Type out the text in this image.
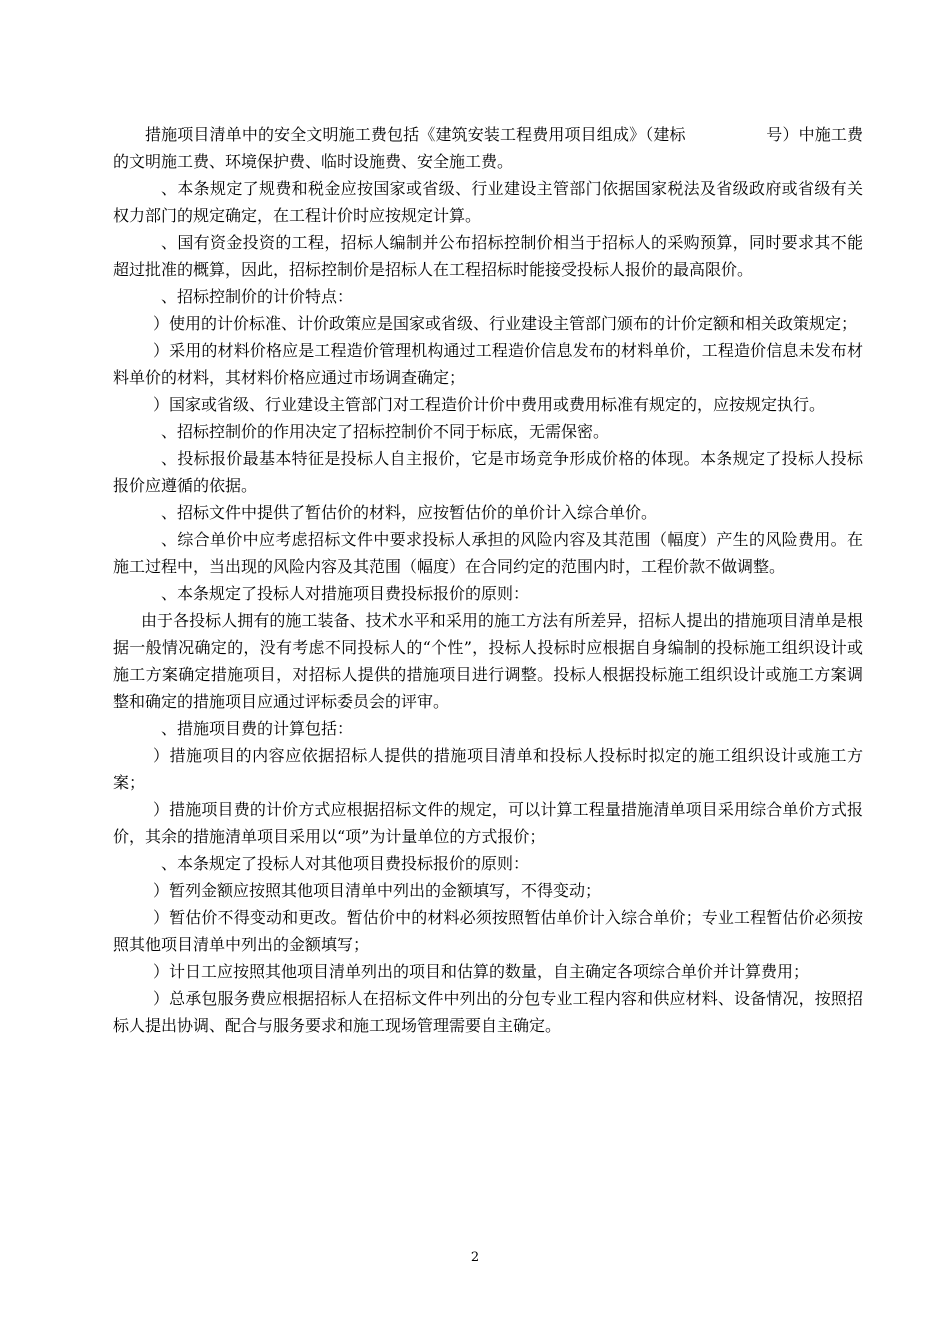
措施项目清单中的安全文明施工费包括《建筑安装工程费用项目组成》（建标　　　　　号）中施工费的文明施工费、环境保护费、临时设施费、安全施工费。

、本条规定了规费和税金应按国家或省级、行业建设主管部门依据国家税法及省级政府或省级有关权力部门的规定确定，在工程计价时应按规定计算。

、国有资金投资的工程，招标人编制并公布招标控制价相当于招标人的采购预算，同时要求其不能超过批准的概算，因此，招标控制价是招标人在工程招标时能接受投标人报价的最高限价。

、招标控制价的计价特点：

）使用的计价标准、计价政策应是国家或省级、行业建设主管部门颁布的计价定额和相关政策规定；

）采用的材料价格应是工程造价管理机构通过工程造价信息发布的材料单价，工程造价信息未发布材料单价的材料，其材料价格应通过市场调查确定；

）国家或省级、行业建设主管部门对工程造价计价中费用或费用标准有规定的，应按规定执行。

、招标控制价的作用决定了招标控制价不同于标底，无需保密。

、投标报价最基本特征是投标人自主报价，它是市场竞争形成价格的体现。本条规定了投标人投标报价应遵循的依据。

、招标文件中提供了暂估价的材料，应按暂估价的单价计入综合单价。

、综合单价中应考虑招标文件中要求投标人承担的风险内容及其范围（幅度）产生的风险费用。在施工过程中，当出现的风险内容及其范围（幅度）在合同约定的范围内时，工程价款不做调整。

、本条规定了投标人对措施项目费投标报价的原则：

由于各投标人拥有的施工装备、技术水平和采用的施工方法有所差异，招标人提出的措施项目清单是根据一般情况确定的，没有考虑不同投标人的“个性”，投标人投标时应根据自身编制的投标施工组织设计或施工方案确定措施项目，对招标人提供的措施项目进行调整。投标人根据投标施工组织设计或施工方案调整和确定的措施项目应通过评标委员会的评审。

、措施项目费的计算包括：

）措施项目的内容应依据招标人提供的措施项目清单和投标人投标时拟定的施工组织设计或施工方案；

）措施项目费的计价方式应根据招标文件的规定，可以计算工程量措施清单项目采用综合单价方式报价，其余的措施清单项目采用以“项”为计量单位的方式报价；

、本条规定了投标人对其他项目费投标报价的原则：

）暂列金额应按照其他项目清单中列出的金额填写，不得变动；

）暂估价不得变动和更改。暂估价中的材料必须按照暂估单价计入综合单价；专业工程暂估价必须按照其他项目清单中列出的金额填写；

）计日工应按照其他项目清单列出的项目和估算的数量，自主确定各项综合单价并计算费用；

）总承包服务费应根据招标人在招标文件中列出的分包专业工程内容和供应材料、设备情况，按照招标人提出协调、配合与服务要求和施工现场管理需要自主确定。

2
